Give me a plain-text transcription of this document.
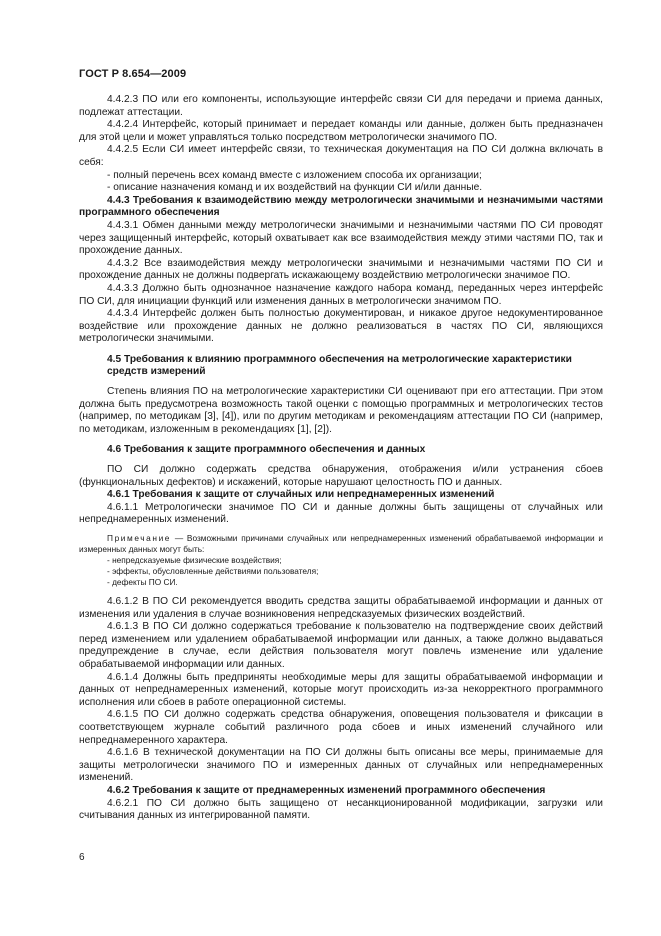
ГОСТ Р 8.654—2009

4.4.2.3 ПО или его компоненты, использующие интерфейс связи СИ для передачи и приема данных, подлежат аттестации.

4.4.2.4 Интерфейс, который принимает и передает команды или данные, должен быть предназначен для этой цели и может управляться только посредством метрологически значимого ПО.

4.4.2.5 Если СИ имеет интерфейс связи, то техническая документация на ПО СИ должна включать в себя:

- полный перечень всех команд вместе с изложением способа их организации;

- описание назначения команд и их воздействий на функции СИ и/или данные.

4.4.3 Требования к взаимодействию между метрологически значимыми и незначимыми частями программного обеспечения

4.4.3.1 Обмен данными между метрологически значимыми и незначимыми частями ПО СИ проводят через защищенный интерфейс, который охватывает как все взаимодействия между этими частями ПО, так и прохождение данных.

4.4.3.2 Все взаимодействия между метрологически значимыми и незначимыми частями ПО СИ и прохождение данных не должны подвергать искажающему воздействию метрологически значимое ПО.

4.4.3.3 Должно быть однозначное назначение каждого набора команд, переданных через интерфейс ПО СИ, для инициации функций или изменения данных в метрологически значимом ПО.

4.4.3.4 Интерфейс должен быть полностью документирован, и никакое другое недокументированное воздействие или прохождение данных не должно реализоваться в частях ПО СИ, являющихся метрологически значимыми.

4.5 Требования к влиянию программного обеспечения на метрологические характеристики средств измерений

Степень влияния ПО на метрологические характеристики СИ оценивают при его аттестации. При этом должна быть предусмотрена возможность такой оценки с помощью программных и метрологических тестов (например, по методикам [3], [4]), или по другим методикам и рекомендациям аттестации ПО СИ (например, по методикам, изложенным в рекомендациях [1], [2]).

4.6 Требования к защите программного обеспечения и данных

ПО СИ должно содержать средства обнаружения, отображения и/или устранения сбоев (функциональных дефектов) и искажений, которые нарушают целостность ПО и данных.

4.6.1 Требования к защите от случайных или непреднамеренных изменений

4.6.1.1 Метрологически значимое ПО СИ и данные должны быть защищены от случайных или непреднамеренных изменений.

Примечание — Возможными причинами случайных или непреднамеренных изменений обрабатываемой информации и измеренных данных могут быть:

- непредсказуемые физические воздействия;

- эффекты, обусловленные действиями пользователя;

- дефекты ПО СИ.

4.6.1.2 В ПО СИ рекомендуется вводить средства защиты обрабатываемой информации и данных от изменения или удаления в случае возникновения непредсказуемых физических воздействий.

4.6.1.3 В ПО СИ должно содержаться требование к пользователю на подтверждение своих действий перед изменением или удалением обрабатываемой информации или данных, а также должно выдаваться предупреждение в случае, если действия пользователя могут повлечь изменение или удаление обрабатываемой информации или данных.

4.6.1.4 Должны быть предприняты необходимые меры для защиты обрабатываемой информации и данных от непреднамеренных изменений, которые могут происходить из-за некорректного программного исполнения или сбоев в работе операционной системы.

4.6.1.5 ПО СИ должно содержать средства обнаружения, оповещения пользователя и фиксации в соответствующем журнале событий различного рода сбоев и иных изменений случайного или непреднамеренного характера.

4.6.1.6 В технической документации на ПО СИ должны быть описаны все меры, принимаемые для защиты метрологически значимого ПО и измеренных данных от случайных или непреднамеренных изменений.

4.6.2 Требования к защите от преднамеренных изменений программного обеспечения

4.6.2.1 ПО СИ должно быть защищено от несанкционированной модификации, загрузки или считывания данных из интегрированной памяти.

6
